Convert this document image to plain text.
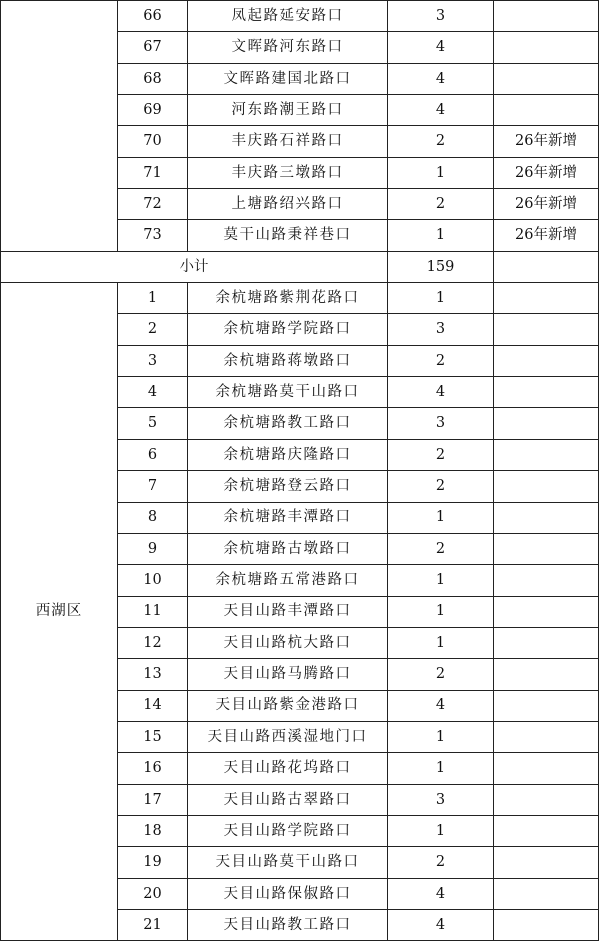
	66	凤起路延安路口	3	
	67	文晖路河东路口	4	
	68	文晖路建国北路口	4	
	69	河东路潮王路口	4	
	70	丰庆路石祥路口	2	26年新增
	71	丰庆路三墩路口	1	26年新增
	72	上塘路绍兴路口	2	26年新增
	73	莫干山路秉祥巷口	1	26年新增
小计			159	
西湖区	1	余杭塘路紫荆花路口	1	
	2	余杭塘路学院路口	3	
	3	余杭塘路蒋墩路口	2	
	4	余杭塘路莫干山路口	4	
	5	余杭塘路教工路口	3	
	6	余杭塘路庆隆路口	2	
	7	余杭塘路登云路口	2	
	8	余杭塘路丰潭路口	1	
	9	余杭塘路古墩路口	2	
	10	余杭塘路五常港路口	1	
	11	天目山路丰潭路口	1	
	12	天目山路杭大路口	1	
	13	天目山路马腾路口	2	
	14	天目山路紫金港路口	4	
	15	天目山路西溪湿地门口	1	
	16	天目山路花坞路口	1	
	17	天目山路古翠路口	3	
	18	天目山路学院路口	1	
	19	天目山路莫干山路口	2	
	20	天目山路保俶路口	4	
	21	天目山路教工路口	4	
